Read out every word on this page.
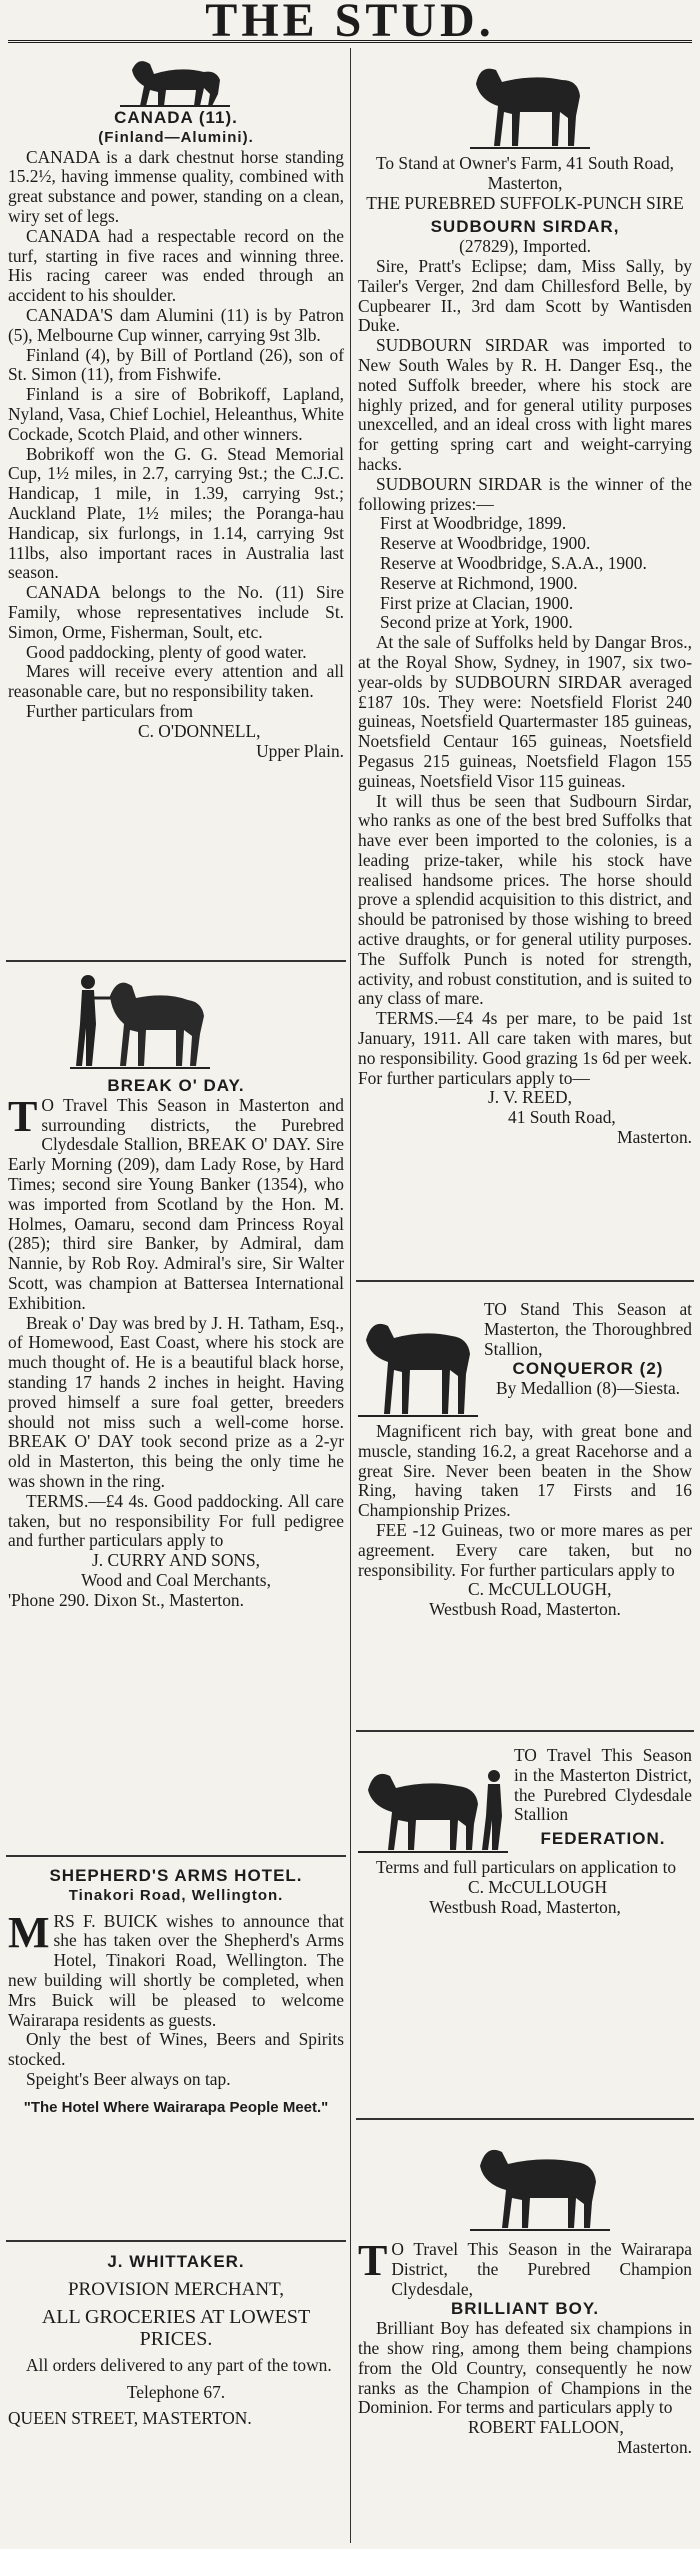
THE STUD.

CANADA (11).

(Finland—Alumini).

CANADA is a dark chestnut horse standing 15.2½, having immense quality, combined with great substance and power, standing on a clean, wiry set of legs.

CANADA had a respectable record on the turf, starting in five races and winning three. His racing career was ended through an accident to his shoulder.

CANADA'S dam Alumini (11) is by Patron (5), Melbourne Cup winner, carrying 9st 3lb.

Finland (4), by Bill of Portland (26), son of St. Simon (11), from Fishwife.

Finland is a sire of Bobrikoff, Lapland, Nyland, Vasa, Chief Lochiel, Heleanthus, White Cockade, Scotch Plaid, and other winners.

Bobrikoff won the G. G. Stead Memorial Cup, 1½ miles, in 2.7, carrying 9st.; the C.J.C. Handicap, 1 mile, in 1.39, carrying 9st.; Auckland Plate, 1½ miles; the Poranga-hau Handicap, six furlongs, in 1.14, carrying 9st 11lbs, also important races in Australia last season.

CANADA belongs to the No. (11) Sire Family, whose representatives include St. Simon, Orme, Fisherman, Soult, etc.

Good paddocking, plenty of good water.

Mares will receive every attention and all reasonable care, but no responsibility taken.

Further particulars from

C. O'DONNELL,

Upper Plain.

BREAK O' DAY.

T O Travel This Season in Masterton and surrounding districts, the Purebred Clydesdale Stallion, BREAK O' DAY. Sire Early Morning (209), dam Lady Rose, by Hard Times; second sire Young Banker (1354), who was imported from Scotland by the Hon. M. Holmes, Oamaru, second dam Princess Royal (285); third sire Banker, by Admiral, dam Nannie, by Rob Roy. Admiral's sire, Sir Walter Scott, was champion at Battersea International Exhibition.

Break o' Day was bred by J. H. Tatham, Esq., of Homewood, East Coast, where his stock are much thought of. He is a beautiful black horse, standing 17 hands 2 inches in height. Having proved himself a sure foal getter, breeders should not miss such a well-come horse. BREAK O' DAY took second prize as a 2-yr old in Masterton, this being the only time he was shown in the ring.

TERMS.—£4 4s. Good paddocking. All care taken, but no responsibility For full pedigree and further particulars apply to

J. CURRY AND SONS,

Wood and Coal Merchants,

'Phone 290. Dixon St., Masterton.

SHEPHERD'S ARMS HOTEL.

Tinakori Road, Wellington.

MRS F. BUICK wishes to announce that she has taken over the Shepherd's Arms Hotel, Tinakori Road, Wellington. The new building will shortly be completed, when Mrs Buick will be pleased to welcome Wairarapa residents as guests.

Only the best of Wines, Beers and Spirits stocked.

Speight's Beer always on tap.

"The Hotel Where Wairarapa People Meet."

J. WHITTAKER.

PROVISION MERCHANT,

ALL GROCERIES AT LOWEST PRICES.

All orders delivered to any part of the town.

Telephone 67.

QUEEN STREET, MASTERTON.

To Stand at Owner's Farm, 41 South Road, Masterton,

THE PUREBRED SUFFOLK-PUNCH SIRE

SUDBOURN SIRDAR,

(27829), Imported.

Sire, Pratt's Eclipse; dam, Miss Sally, by Tailer's Verger, 2nd dam Chillesford Belle, by Cupbearer II., 3rd dam Scott by Wantisden Duke.

SUDBOURN SIRDAR was imported to New South Wales by R. H. Danger Esq., the noted Suffolk breeder, where his stock are highly prized, and for general utility purposes unexcelled, and an ideal cross with light mares for getting spring cart and weight-carrying hacks.

SUDBOURN SIRDAR is the winner of the following prizes:—

First at Woodbridge, 1899.

Reserve at Woodbridge, 1900.

Reserve at Woodbridge, S.A.A., 1900.

Reserve at Richmond, 1900.

First prize at Clacian, 1900.

Second prize at York, 1900.

At the sale of Suffolks held by Dangar Bros., at the Royal Show, Sydney, in 1907, six two-year-olds by SUDBOURN SIRDAR averaged £187 10s. They were: Noetsfield Florist 240 guineas, Noetsfield Quartermaster 185 guineas, Noetsfield Centaur 165 guineas, Noetsfield Pegasus 215 guineas, Noetsfield Flagon 155 guineas, Noetsfield Visor 115 guineas.

It will thus be seen that Sudbourn Sirdar, who ranks as one of the best bred Suffolks that have ever been imported to the colonies, is a leading prize-taker, while his stock have realised handsome prices. The horse should prove a splendid acquisition to this district, and should be patronised by those wishing to breed active draughts, or for general utility purposes. The Suffolk Punch is noted for strength, activity, and robust constitution, and is suited to any class of mare.

TERMS.—£4 4s per mare, to be paid 1st January, 1911. All care taken with mares, but no responsibility. Good grazing 1s 6d per week. For further particulars apply to—

J. V. REED,

41 South Road,

Masterton.

TO Stand This Season at Masterton, the Thoroughbred Stallion,

CONQUEROR (2)

By Medallion (8)—Siesta.

Magnificent rich bay, with great bone and muscle, standing 16.2, a great Racehorse and a great Sire. Never been beaten in the Show Ring, having taken 17 Firsts and 16 Championship Prizes.

FEE -12 Guineas, two or more mares as per agreement. Every care taken, but no responsibility. For further particulars apply to

C. McCULLOUGH,

Westbush Road, Masterton.

TO Travel This Season in the Masterton District, the Purebred Clydesdale Stallion

FEDERATION.

Terms and full particulars on application to

C. McCULLOUGH

Westbush Road, Masterton,

T O Travel This Season in the Wairarapa District, the Purebred Champion Clydesdale,

BRILLIANT BOY.

Brilliant Boy has defeated six champions in the show ring, among them being champions from the Old Country, consequently he now ranks as the Champion of Champions in the Dominion. For terms and particulars apply to

ROBERT FALLOON,

Masterton.
